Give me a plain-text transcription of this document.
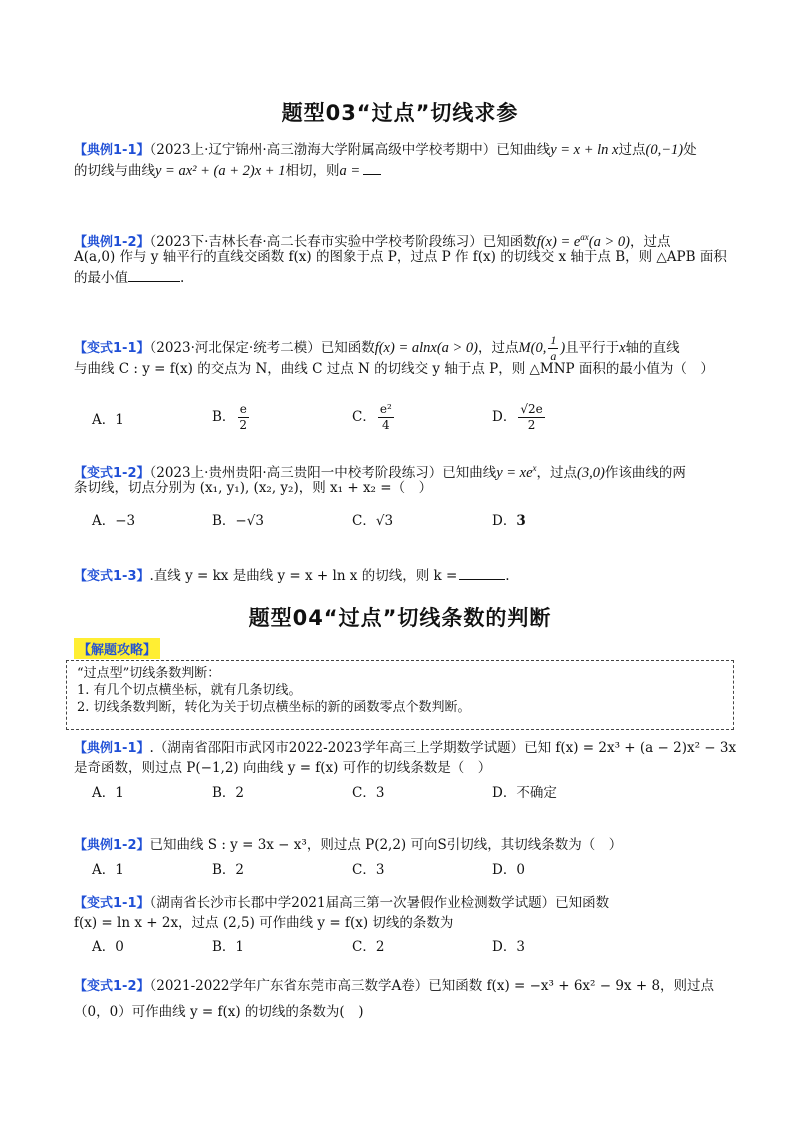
题型03“过点”切线求参
【典例1-1】（2023上·辽宁锦州·高三渤海大学附属高级中学校考期中）已知曲线y = x + ln x过点(0,−1)处
的切线与曲线y = ax² + (a + 2)x + 1相切，则a =
【典例1-2】（2023下·吉林长春·高二长春市实验中学校考阶段练习）已知函数$f(x) = e^{ax}(a > 0)$，过点
A(a,0) 作与 y 轴平行的直线交函数 f(x) 的图象于点 P，过点 P 作 f(x) 的切线交 x 轴于点 B，则 △APB 面积
的最小值	.
【变式1-1】（2023·河北保定·统考二模）已知函数f(x) = alnx(a > 0)，过点M(0, $\frac{1}{a}$ )且平行于x轴的直线
与曲线 C : y = f(x) 的交点为 N，曲线 C 过点 N 的切线交 y 轴于点 P，则 △MNP 面积的最小值为（　）
A．1	B． $\frac{e}{2}$	C． $\frac{\text{e²}}{4}$	D． $\frac{√2e}{2}$
【变式1-2】（2023上·贵州贵阳·高三贵阳一中校考阶段练习）已知曲线$y = xe^x$，过点(3,0)作该曲线的两
条切线，切点分别为 (x₁, y₁), (x₂, y₂)，则 x₁ + x₂ =（　）
A．−3	B．−√3	C．√3	D．3
【变式1-3】.直线 y = kx 是曲线 y = x + ln x 的切线，则 k =	.
题型04“过点”切线条数的判断
【解题攻略】
“过点型”切线条数判断：
1. 有几个切点横坐标，就有几条切线。
2. 切线条数判断，转化为关于切点横坐标的新的函数零点个数判断。
【典例1-1】.（湖南省邵阳市武冈市2022-2023学年高三上学期数学试题）已知 f(x) = 2x³ + (a − 2)x² − 3x
是奇函数，则过点 P(−1,2) 向曲线 y = f(x) 可作的切线条数是（　）
A．1	B．2	C．3	D．不确定
【典例1-2】已知曲线 S : y = 3x − x³，则过点 P(2,2) 可向S引切线，其切线条数为（　）
A．1	B．2	C．3	D．0
【变式1-1】（湖南省长沙市长郡中学2021届高三第一次暑假作业检测数学试题）已知函数
f(x) = ln x + 2x，过点 (2,5) 可作曲线 y = f(x) 切线的条数为
A．0	B．1	C．2	D．3
【变式1-2】（2021-2022学年广东省东莞市高三数学A卷）已知函数 f(x) = −x³ + 6x² − 9x + 8，则过点
（0，0）可作曲线 y = f(x) 的切线的条数为(　)
